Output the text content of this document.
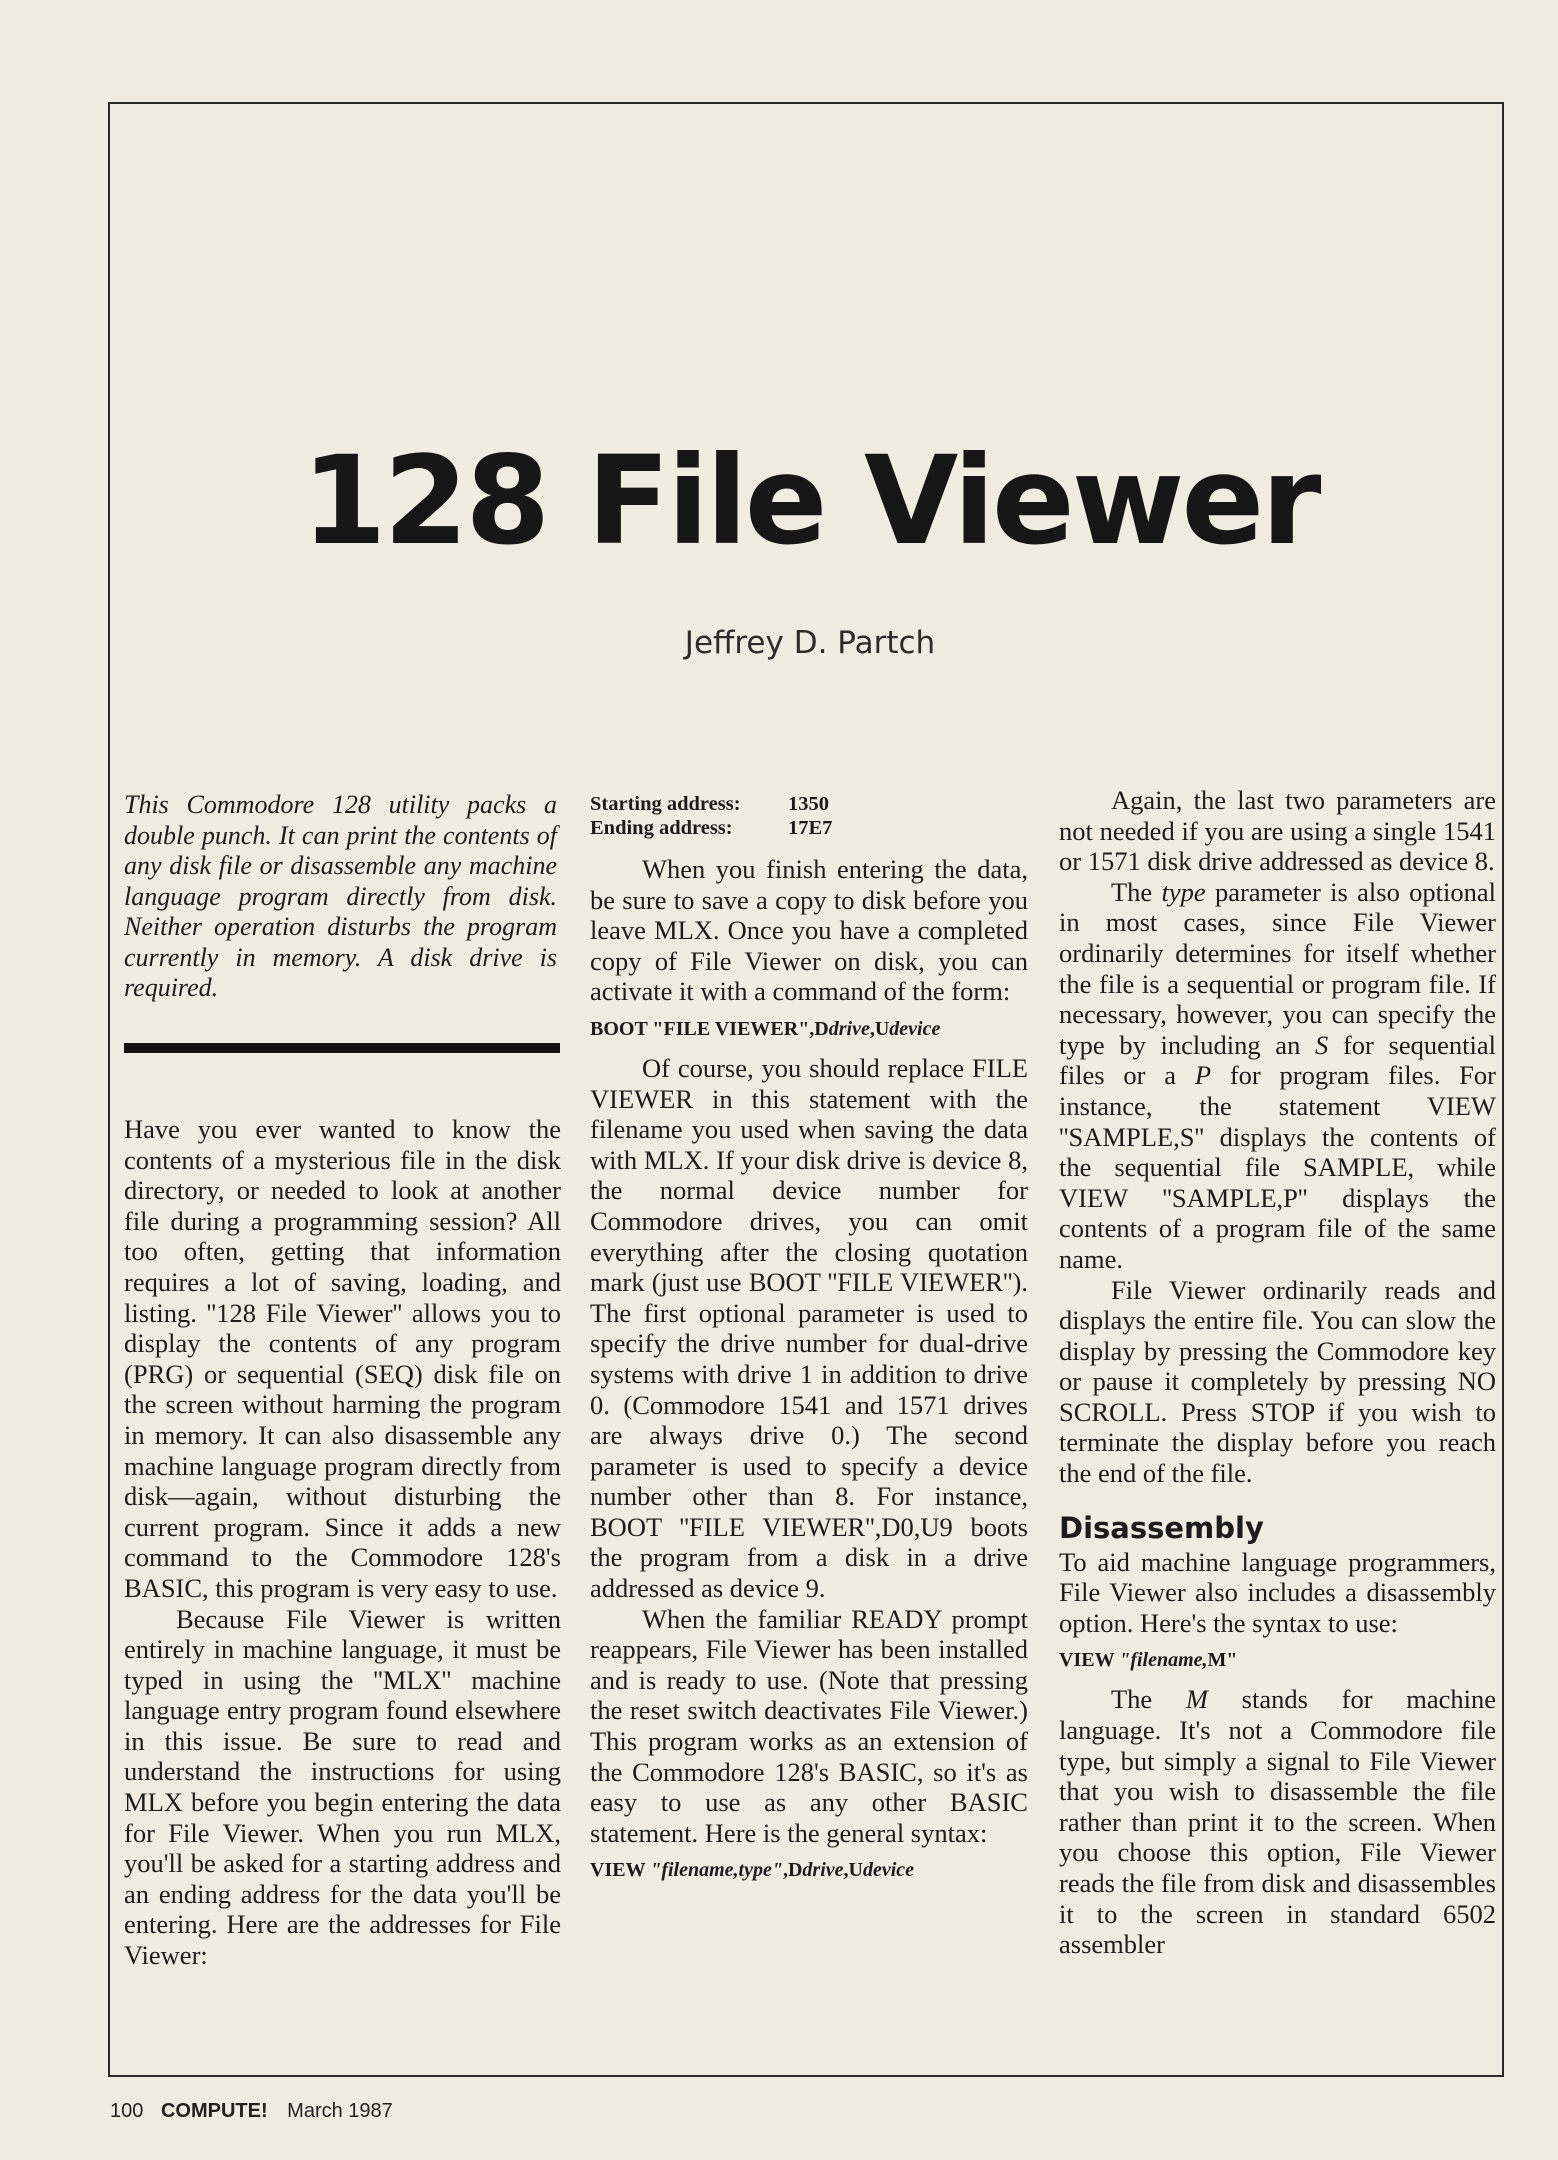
128 File Viewer
Jeffrey D. Partch
This Commodore 128 utility packs a double punch. It can print the contents of any disk file or disassemble any machine language program directly from disk. Neither operation disturbs the program currently in memory. A disk drive is required.

Have you ever wanted to know the contents of a mysterious file in the disk directory, or needed to look at another file during a programming session? All too often, getting that information requires a lot of saving, loading, and listing. ''128 File Viewer'' allows you to display the contents of any program (PRG) or sequential (SEQ) disk file on the screen without harming the program in memory. It can also disassemble any machine language program directly from disk—again, without disturbing the current program. Since it adds a new command to the Commodore 128's BASIC, this program is very easy to use.

Because File Viewer is written entirely in machine language, it must be typed in using the ''MLX'' machine language entry program found elsewhere in this issue. Be sure to read and understand the instructions for using MLX before you begin entering the data for File Viewer. When you run MLX, you'll be asked for a starting address and an ending address for the data you'll be entering. Here are the addresses for File Viewer:

Starting address:	1350
Ending address:	17E7

When you finish entering the data, be sure to save a copy to disk before you leave MLX. Once you have a completed copy of File Viewer on disk, you can activate it with a command of the form:

BOOT "FILE VIEWER",Ddrive,Udevice

Of course, you should replace FILE VIEWER in this statement with the filename you used when saving the data with MLX. If your disk drive is device 8, the normal device number for Commodore drives, you can omit everything after the closing quotation mark (just use BOOT ''FILE VIEWER''). The first optional parameter is used to specify the drive number for dual-drive systems with drive 1 in addition to drive 0. (Commodore 1541 and 1571 drives are always drive 0.) The second parameter is used to specify a device number other than 8. For instance, BOOT ''FILE VIEWER'',D0,U9 boots the program from a disk in a drive addressed as device 9.

When the familiar READY prompt reappears, File Viewer has been installed and is ready to use. (Note that pressing the reset switch deactivates File Viewer.) This program works as an extension of the Commodore 128's BASIC, so it's as easy to use as any other BASIC statement. Here is the general syntax:

VIEW "filename,type",Ddrive,Udevice

Again, the last two parameters are not needed if you are using a single 1541 or 1571 disk drive addressed as device 8.

The type parameter is also optional in most cases, since File Viewer ordinarily determines for itself whether the file is a sequential or program file. If necessary, however, you can specify the type by including an S for sequential files or a P for program files. For instance, the statement VIEW ''SAMPLE,S'' displays the contents of the sequential file SAMPLE, while VIEW ''SAMPLE,P'' displays the contents of a program file of the same name.

File Viewer ordinarily reads and displays the entire file. You can slow the display by pressing the Commodore key or pause it completely by pressing NO SCROLL. Press STOP if you wish to terminate the display before you reach the end of the file.

Disassembly

To aid machine language programmers, File Viewer also includes a disassembly option. Here's the syntax to use:

VIEW "filename,M"

The M stands for machine language. It's not a Commodore file type, but simply a signal to File Viewer that you wish to disassemble the file rather than print it to the screen. When you choose this option, File Viewer reads the file from disk and disassembles it to the screen in standard 6502 assembler

100 COMPUTE! March 1987
